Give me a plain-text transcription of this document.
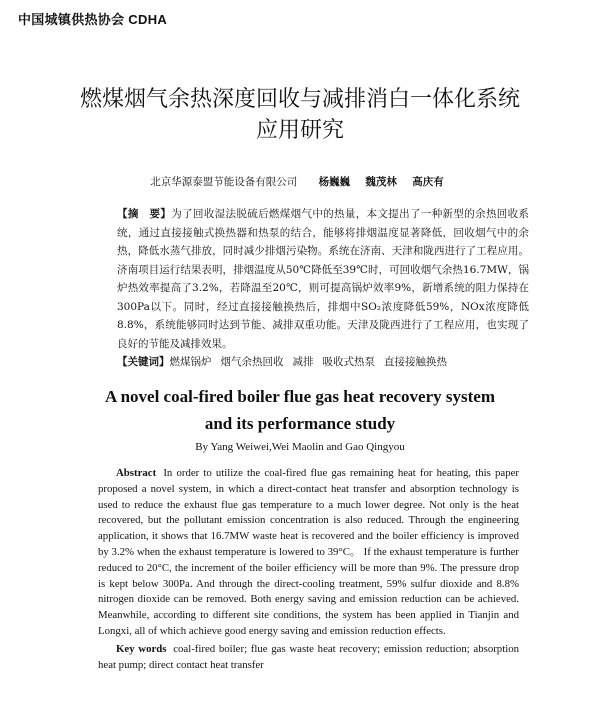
中国城镇供热协会 CDHA
燃煤烟气余热深度回收与减排消白一体化系统
应用研究
北京华源泰盟节能设备有限公司 杨巍巍 魏茂林 高庆有

【摘　要】为了回收湿法脱硫后燃煤烟气中的热量，本文提出了一种新型的余热回收系统，通过直接接触式换热器和热泵的结合，能够将排烟温度显著降低，回收烟气中的余热，降低水蒸气排放，同时减少排烟污染物。系统在济南、天津和陇西进行了工程应用。济南项目运行结果表明，排烟温度从50℃降低至39℃时，可回收烟气余热16.7MW，锅炉热效率提高了3.2%，若降温至20℃，则可提高锅炉效率9%，新增系统的阻力保持在300Pa以下。同时，经过直接接触换热后，排烟中SO₂浓度降低59%，NOx浓度降低8.8%，系统能够同时达到节能、减排双重功能。天津及陇西进行了工程应用，也实现了良好的节能及减排效果。

【关键词】燃煤锅炉 烟气余热回收 减排 吸收式热泵 直接接触换热

A novel coal-fired boiler flue gas heat recovery system
and its performance study
By Yang Weiwei,Wei Maolin and Gao Qingyou

Abstract In order to utilize the coal-fired flue gas remaining heat for heating, this paper proposed a novel system, in which a direct-contact heat transfer and absorption technology is used to reduce the exhaust flue gas temperature to a much lower degree. Not only is the heat recovered, but the pollutant emission concentration is also reduced. Through the engineering application, it shows that 16.7MW waste heat is recovered and the boiler efficiency is improved by 3.2% when the exhaust temperature is lowered to 39°C。 If the exhaust temperature is further reduced to 20°C, the increment of the boiler efficiency will be more than 9%. The pressure drop is kept below 300Pa. And through the direct-cooling treatment, 59% sulfur dioxide and 8.8% nitrogen dioxide can be removed. Both energy saving and emission reduction can be achieved. Meanwhile, according to different site conditions, the system has been applied in Tianjin and Longxi, all of which achieve good energy saving and emission reduction effects.

Key words coal-fired boiler; flue gas waste heat recovery; emission reduction; absorption heat pump; direct contact heat transfer
